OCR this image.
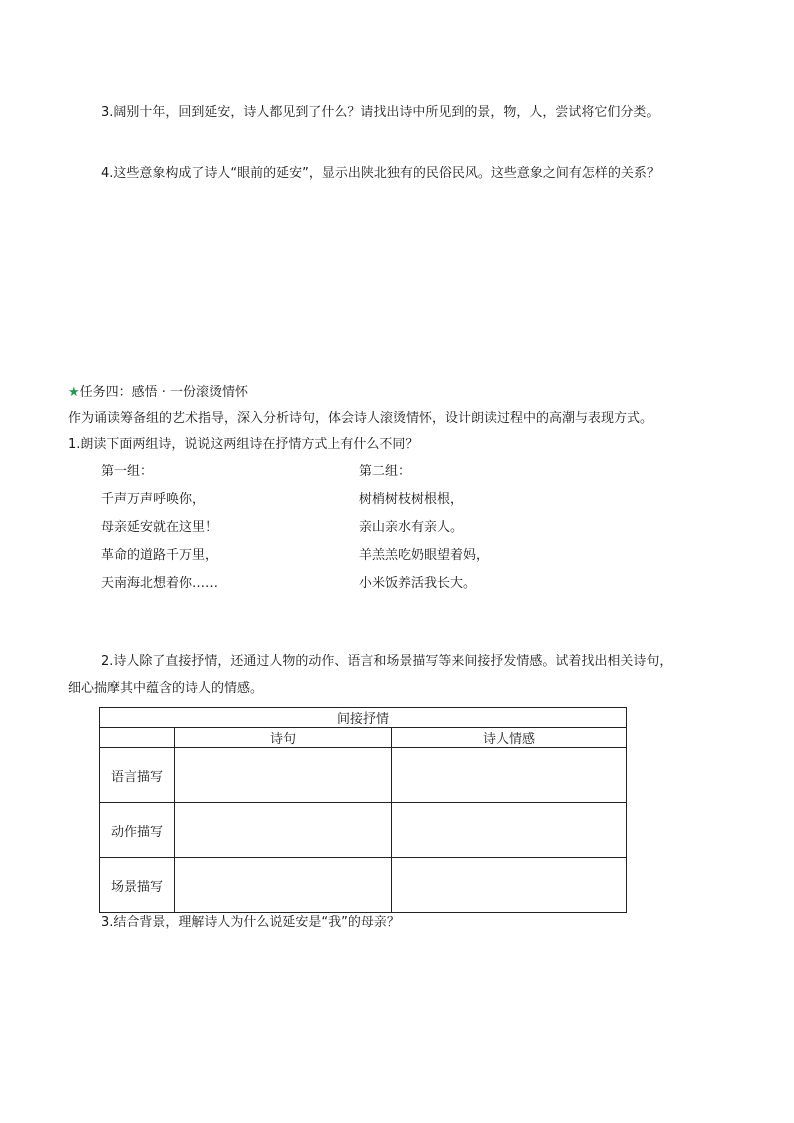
3.阔别十年，回到延安，诗人都见到了什么？请找出诗中所见到的景，物，人，尝试将它们分类。
4.这些意象构成了诗人“眼前的延安”，显示出陕北独有的民俗民风。这些意象之间有怎样的关系？
★任务四：感悟 · 一份滚烫情怀
作为诵读筹备组的艺术指导，深入分析诗句，体会诗人滚烫情怀，设计朗读过程中的高潮与表现方式。
1.朗读下面两组诗，说说这两组诗在抒情方式上有什么不同？
第一组：
千声万声呼唤你，
母亲延安就在这里！
革命的道路千万里，
天南海北想着你……
第二组：
树梢树枝树根根，
亲山亲水有亲人。
羊羔羔吃奶眼望着妈，
小米饭养活我长大。
2.诗人除了直接抒情，还通过人物的动作、语言和场景描写等来间接抒发情感。试着找出相关诗句，
细心揣摩其中蕴含的诗人的情感。
间接抒情		
	诗句	诗人情感
语言描写		
动作描写		
场景描写		
3.结合背景，理解诗人为什么说延安是“我”的母亲？
